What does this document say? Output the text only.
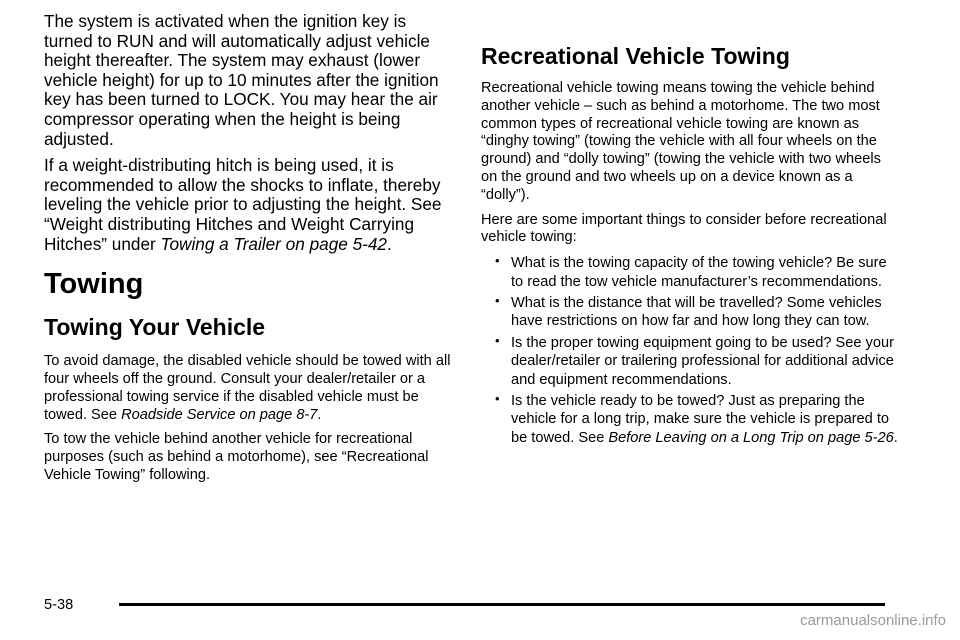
The system is activated when the ignition key is turned to RUN and will automatically adjust vehicle height thereafter. The system may exhaust (lower vehicle height) for up to 10 minutes after the ignition key has been turned to LOCK. You may hear the air compressor operating when the height is being adjusted.

If a weight-distributing hitch is being used, it is recommended to allow the shocks to inflate, thereby leveling the vehicle prior to adjusting the height. See “Weight distributing Hitches and Weight Carrying Hitches” under Towing a Trailer on page 5-42.

Towing
Towing Your Vehicle

To avoid damage, the disabled vehicle should be towed with all four wheels off the ground. Consult your dealer/retailer or a professional towing service if the disabled vehicle must be towed. See Roadside Service on page 8-7.

To tow the vehicle behind another vehicle for recreational purposes (such as behind a motorhome), see “Recreational Vehicle Towing” following.

Recreational Vehicle Towing

Recreational vehicle towing means towing the vehicle behind another vehicle – such as behind a motorhome. The two most common types of recreational vehicle towing are known as “dinghy towing” (towing the vehicle with all four wheels on the ground) and “dolly towing” (towing the vehicle with two wheels on the ground and two wheels up on a device known as a “dolly”).

Here are some important things to consider before recreational vehicle towing:

• What is the towing capacity of the towing vehicle? Be sure to read the tow vehicle manufacturer’s recommendations.
• What is the distance that will be travelled? Some vehicles have restrictions on how far and how long they can tow.
• Is the proper towing equipment going to be used? See your dealer/retailer or trailering professional for additional advice and equipment recommendations.
• Is the vehicle ready to be towed? Just as preparing the vehicle for a long trip, make sure the vehicle is prepared to be towed. See Before Leaving on a Long Trip on page 5-26.
5-38
carmanualsonline.info
